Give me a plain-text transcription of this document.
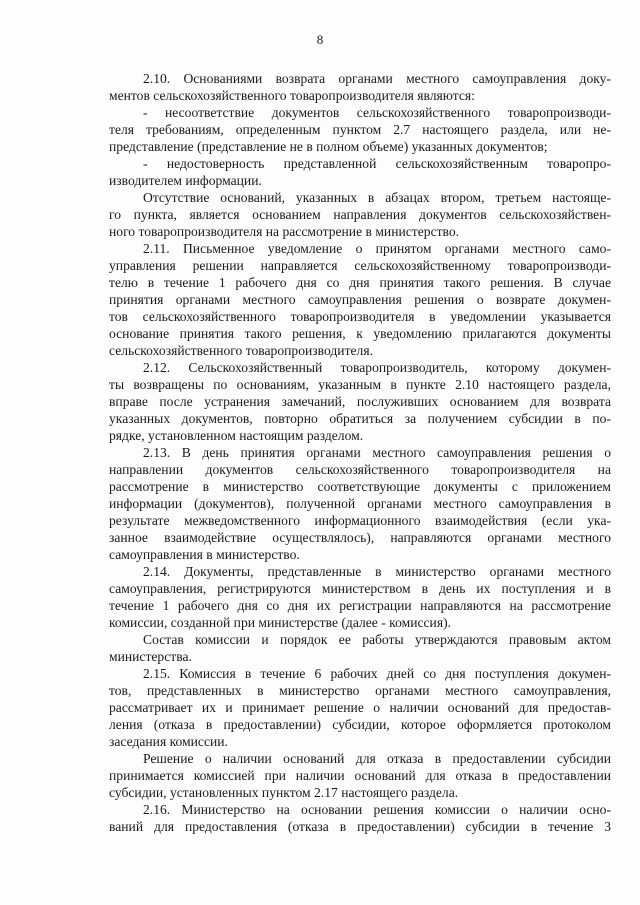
8
2.10. Основаниями возврата органами местного самоуправления доку-
ментов сельскохозяйственного товаропроизводителя являются:
- несоответствие документов сельскохозяйственного товаропроизводи-
теля требованиям, определенным пунктом 2.7 настоящего раздела, или не-
представление (представление не в полном объеме) указанных документов;
- недостоверность представленной сельскохозяйственным товаропро-
изводителем информации.
Отсутствие оснований, указанных в абзацах втором, третьем настояще-
го пункта, является основанием направления документов сельскохозяйствен-
ного товаропроизводителя на рассмотрение в министерство.
2.11. Письменное уведомление о принятом органами местного само-
управления решении направляется сельскохозяйственному товаропроизводи-
телю в течение 1 рабочего дня со дня принятия такого решения. В случае
принятия органами местного самоуправления решения о возврате докумен-
тов сельскохозяйственного товаропроизводителя в уведомлении указывается
основание принятия такого решения, к уведомлению прилагаются документы
сельскохозяйственного товаропроизводителя.
2.12. Сельскохозяйственный товаропроизводитель, которому докумен-
ты возвращены по основаниям, указанным в пункте 2.10 настоящего раздела,
вправе после устранения замечаний, послуживших основанием для возврата
указанных документов, повторно обратиться за получением субсидии в по-
рядке, установленном настоящим разделом.
2.13. В день принятия органами местного самоуправления решения о
направлении документов сельскохозяйственного товаропроизводителя на
рассмотрение в министерство соответствующие документы с приложением
информации (документов), полученной органами местного самоуправления в
результате межведомственного информационного взаимодействия (если ука-
занное взаимодействие осуществлялось), направляются органами местного
самоуправления в министерство.
2.14. Документы, представленные в министерство органами местного
самоуправления, регистрируются министерством в день их поступления и в
течение 1 рабочего дня со дня их регистрации направляются на рассмотрение
комиссии, созданной при министерстве (далее - комиссия).
Состав комиссии и порядок ее работы утверждаются правовым актом
министерства.
2.15. Комиссия в течение 6 рабочих дней со дня поступления докумен-
тов, представленных в министерство органами местного самоуправления,
рассматривает их и принимает решение о наличии оснований для предостав-
ления (отказа в предоставлении) субсидии, которое оформляется протоколом
заседания комиссии.
Решение о наличии оснований для отказа в предоставлении субсидии
принимается комиссией при наличии оснований для отказа в предоставлении
субсидии, установленных пунктом 2.17 настоящего раздела.
2.16. Министерство на основании решения комиссии о наличии осно-
ваний для предоставления (отказа в предоставлении) субсидии в течение 3
